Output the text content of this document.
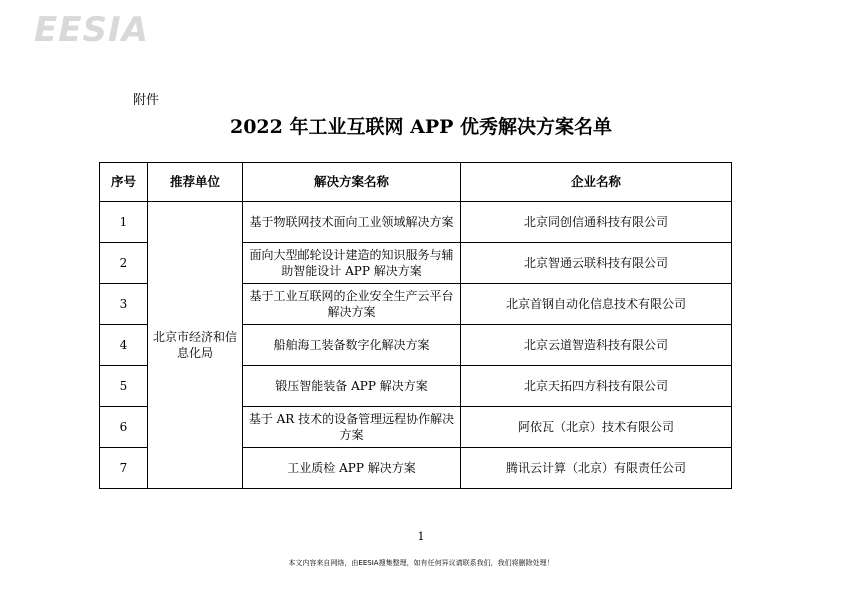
EESIA
附件
2022 年工业互联网 APP 优秀解决方案名单
序号	推荐单位	解决方案名称	企业名称
1	北京市经济和信息化局	基于物联网技术面向工业领域解决方案	北京同创信通科技有限公司
2		面向大型邮轮设计建造的知识服务与辅助智能设计 APP 解决方案	北京智通云联科技有限公司
3		基于工业互联网的企业安全生产云平台解决方案	北京首钢自动化信息技术有限公司
4		船舶海工装备数字化解决方案	北京云道智造科技有限公司
5		锻压智能装备 APP 解决方案	北京天拓四方科技有限公司
6		基于 AR 技术的设备管理远程协作解决方案	阿依瓦（北京）技术有限公司
7		工业质检 APP 解决方案	腾讯云计算（北京）有限责任公司
1
本文内容来自网络，由EESIA搜集整理，如有任何异议请联系我们，我们将删除处理！
